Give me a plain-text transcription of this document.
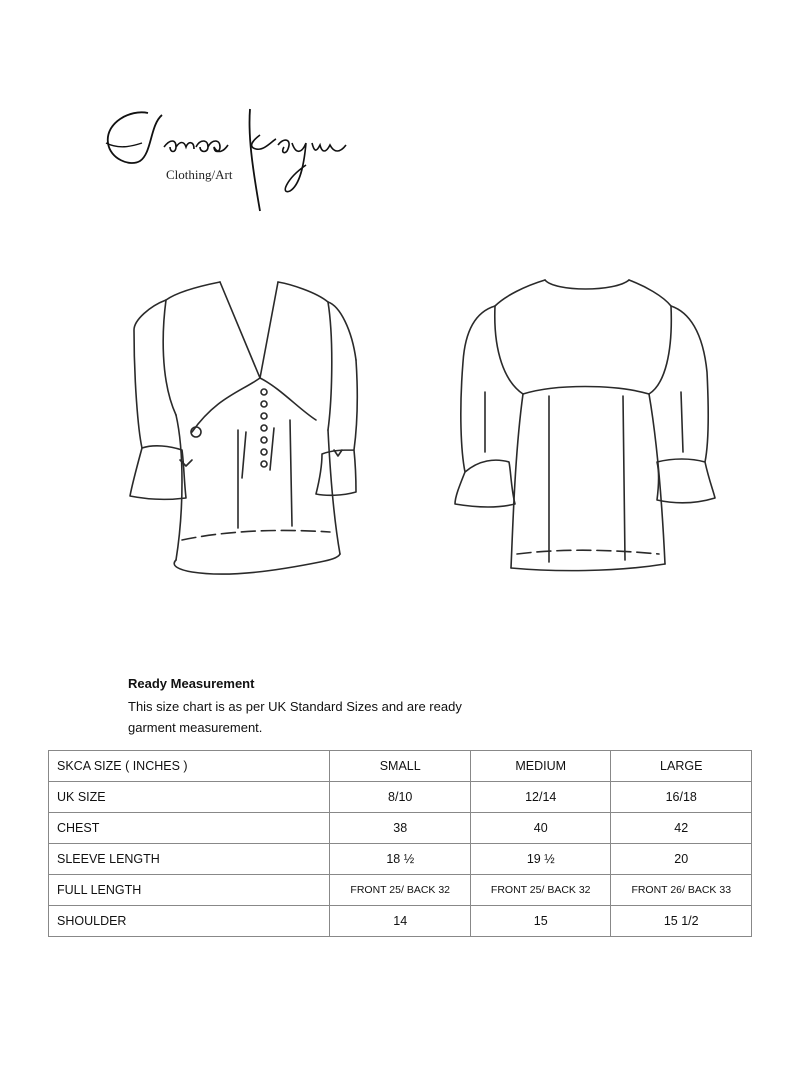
Clothing/Art
Ready Measurement
This size chart is as per UK Standard Sizes and are ready
garment measurement.
SKCA SIZE ( INCHES )	SMALL	MEDIUM	LARGE
UK SIZE	8/10	12/14	16/18
CHEST	38	40	42
SLEEVE LENGTH	18 ½	19 ½	20
FULL LENGTH	FRONT 25/ BACK 32	FRONT 25/ BACK 32	FRONT 26/ BACK 33
SHOULDER	14	15	15 1/2
